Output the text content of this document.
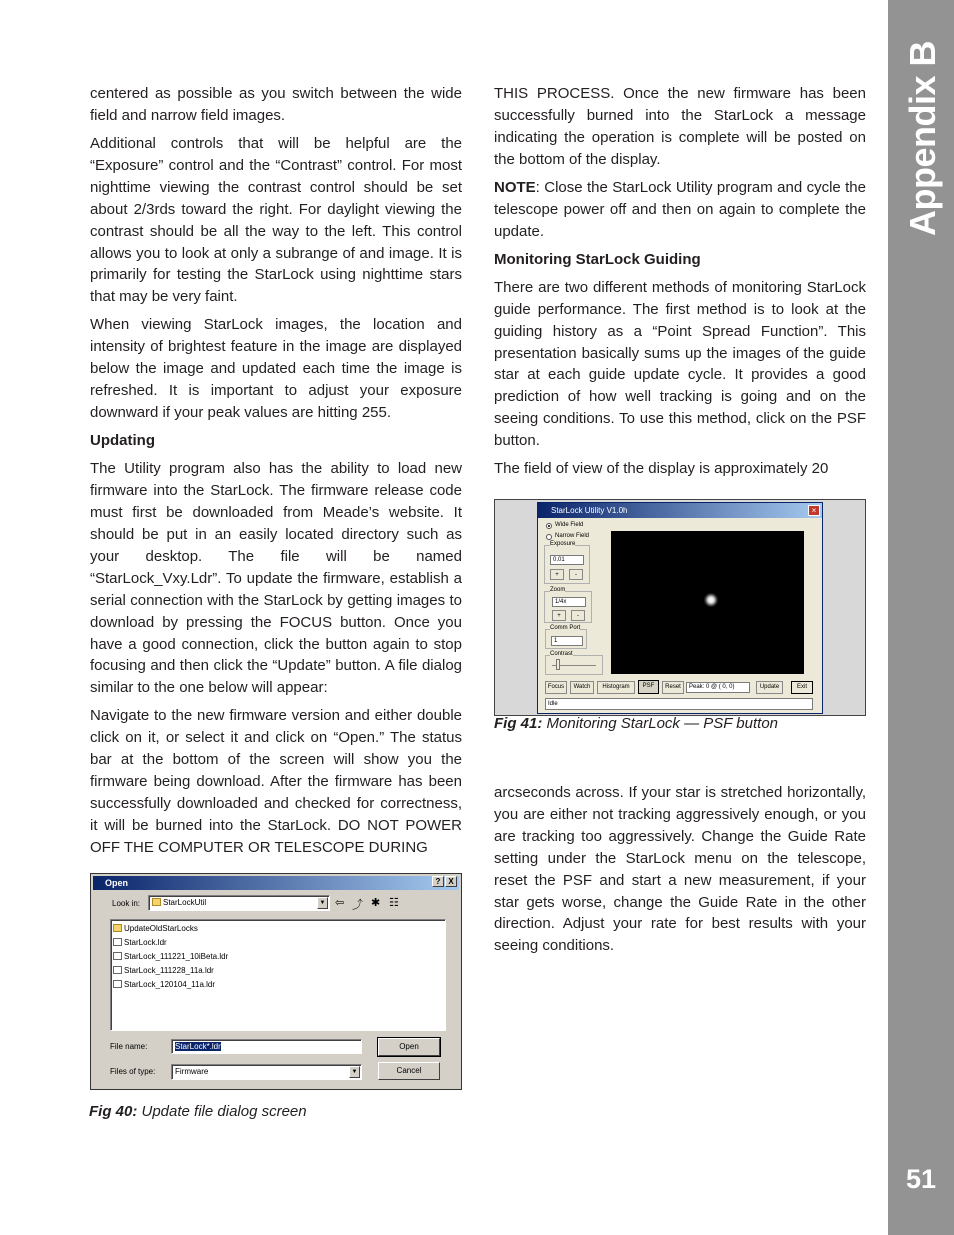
Appendix B
51

centered as possible as you switch between the wide field and narrow field images.

Additional controls that will be helpful are the “Exposure” control and the “Contrast” control. For most nighttime viewing the contrast control should be set about 2/3rds toward the right. For daylight viewing the contrast should be all the way to the left. This control allows you to look at only a subrange of and image. It is primarily for testing the StarLock using nighttime stars that may be very faint.

When viewing StarLock images, the location and intensity of brightest feature in the image are displayed below the image and updated each time the image is refreshed. It is important to adjust your exposure downward if your peak values are hitting 255.

Updating

The Utility program also has the ability to load new firmware into the StarLock. The firmware release code must first be downloaded from Meade’s website. It should be put in an easily located directory such as your desktop. The file will be named “StarLock_Vxy.Ldr”. To update the firmware, establish a serial connection with the StarLock by getting images to download by pressing the FOCUS button. Once you have a good connection, click the button again to stop focusing and then click the “Update” button. A file dialog similar to the one below will appear:

Navigate to the new firmware version and either double click on it, or select it and click on “Open.” The status bar at the bottom of the screen will show you the firmware being download. After the firmware has been successfully downloaded and checked for correctness, it will be burned into the StarLock. DO NOT POWER OFF THE COMPUTER OR TELESCOPE DURING

Open	? X
Look in:	StarLockUtil	▼ ⇦ ⤴ ✱ ☷
UpdateOldStarLocks
StarLock.ldr
StarLock_111221_10iBeta.ldr
StarLock_111228_11a.ldr
StarLock_120104_11a.ldr
File name:	StarLock*.ldr
Files of type:	Firmware	▼
Open
Cancel
Fig 40: Update file dialog screen

THIS PROCESS. Once the new firmware has been successfully burned into the StarLock a message indicating the operation is complete will be posted on the bottom of the display.

NOTE: Close the StarLock Utility program and cycle the telescope power off and then on again to complete the update.

Monitoring StarLock Guiding

There are two different methods of monitoring StarLock guide performance. The first method is to look at the guiding history as a “Point Spread Function”. This presentation basically sums up the images of the guide star at each guide update cycle. It provides a good prediction of how well tracking is going and on the seeing conditions. To use this method, click on the PSF button.

The field of view of the display is approximately 20

StarLock Utility V1.0h	×
Wide Field
Narrow Field
Exposure
0.01
+	-
Zoom
1/4x
+	-
Comm Port
1
Contrast
Focus	Watch	Histogram	PSF	Reset	Peak: 0 @ ( 0, 0)	Update	Exit
Idle
Fig 41: Monitoring StarLock — PSF button

arcseconds across. If your star is stretched horizontally, you are either not tracking aggressively enough, or you are tracking too aggressively. Change the Guide Rate setting under the StarLock menu on the telescope, reset the PSF and start a new measurement, if your star gets worse, change the Guide Rate in the other direction. Adjust your rate for best results with your seeing conditions.
